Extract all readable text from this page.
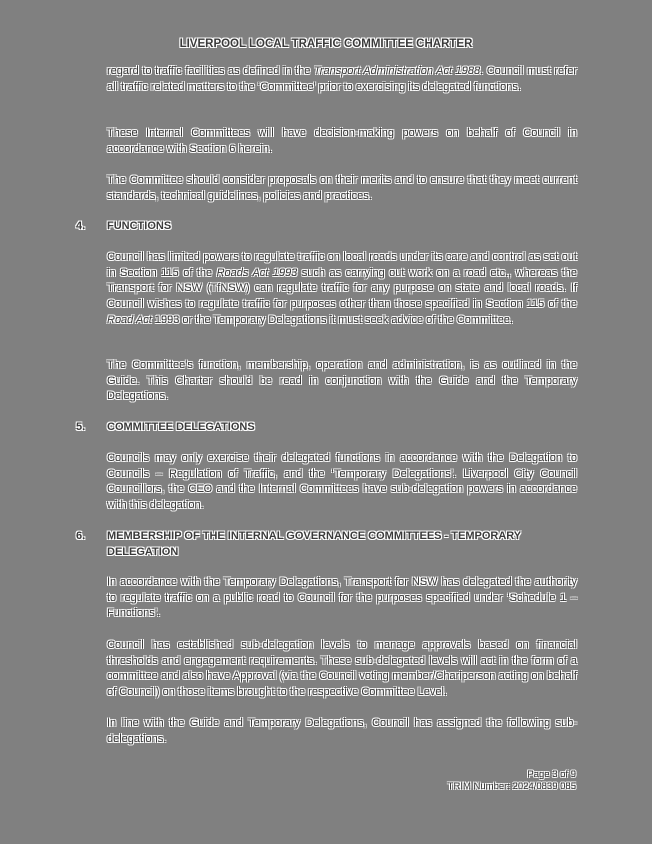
LIVERPOOL LOCAL TRAFFIC COMMITTEE CHARTER

regard to traffic facilities as defined in the Transport Administration Act 1988. Council must refer all traffic related matters to the ‘Committee’ prior to exercising its delegated functions.

These Internal Committees will have decision-making powers on behalf of Council in accordance with Section 6 herein.

The Committee should consider proposals on their merits and to ensure that they meet current standards, technical guidelines, policies and practices.

4. FUNCTIONS

Council has limited powers to regulate traffic on local roads under its care and control as set out in Section 115 of the Roads Act 1993 such as carrying out work on a road etc., whereas the Transport for NSW (TfNSW) can regulate traffic for any purpose on state and local roads. If Council wishes to regulate traffic for purposes other than those specified in Section 115 of the Road Act 1993 or the Temporary Delegations it must seek advice of the Committee.

The Committee's function, membership, operation and administration, is as outlined in the Guide. This Charter should be read in conjunction with the Guide and the Temporary Delegations.

5. COMMITTEE DELEGATIONS

Councils may only exercise their delegated functions in accordance with the Delegation to Councils – Regulation of Traffic, and the ‘Temporary Delegations’. Liverpool City Council Councillors, the CEO and the Internal Committees have sub-delegation powers in accordance with this delegation.

6. MEMBERSHIP OF THE INTERNAL GOVERNANCE COMMITTEES - TEMPORARY DELEGATION

In accordance with the Temporary Delegations, Transport for NSW has delegated the authority to regulate traffic on a public road to Council for the purposes specified under ‘Schedule 1 – Functions’.

Council has established sub-delegation levels to manage approvals based on financial thresholds and engagement requirements. These sub-delegated levels will act in the form of a committee and also have Approval (via the Council voting member/Chariperson acting on behalf of Council) on those items brought to the respective Committee Level.

In line with the Guide and Temporary Delegations, Council has assigned the following sub-delegations.

Page 3 of 9
TRIM Number: 2024/0839 085
